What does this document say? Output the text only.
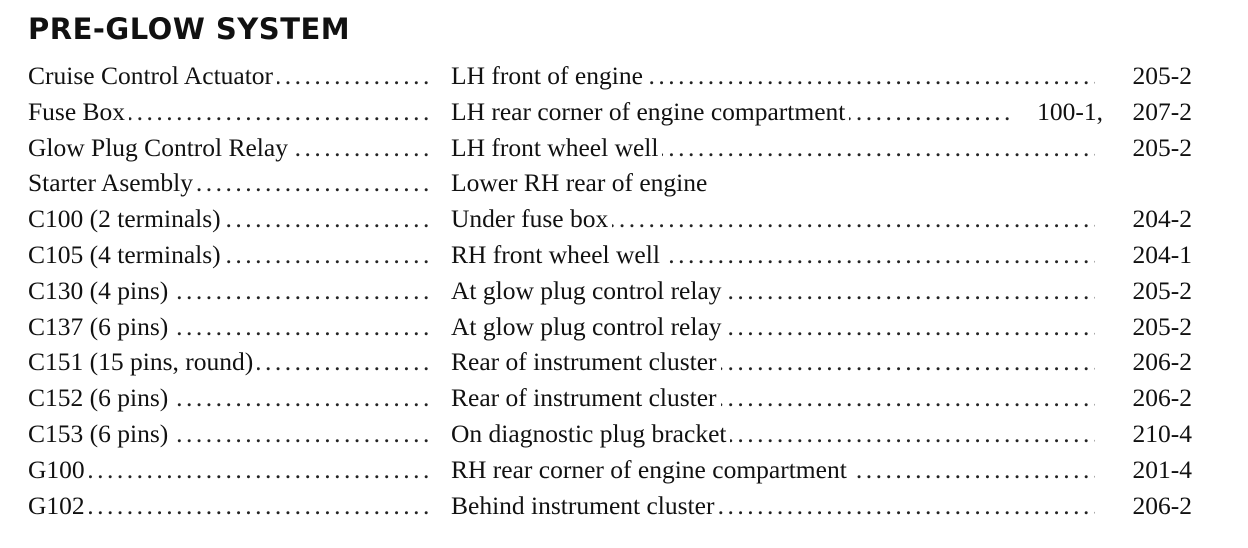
PRE-GLOW SYSTEM
.....
Cruise Control Actuator .....	LH front of engine	205-2
.....
Fuse Box .....	LH rear corner of engine compartment	100-1, 207-2
.....
Glow Plug Control Relay .....	LH front wheel well	205-2
.....
Starter Asembly	Lower RH rear of engine
.....
C100 (2 terminals) .....	Under fuse box	204-2
.....
C105 (4 terminals) .....	RH front wheel well	204-1
.....
C130 (4 pins) .....	At glow plug control relay	205-2
.....
C137 (6 pins) .....	At glow plug control relay	205-2
.....
C151 (15 pins, round) .....	Rear of instrument cluster	206-2
.....
C152 (6 pins) .....	Rear of instrument cluster	206-2
.....
C153 (6 pins) .....	On diagnostic plug bracket	210-4
.....
G100 .....	RH rear corner of engine compartment	201-4
.....
G102 .....	Behind instrument cluster	206-2
